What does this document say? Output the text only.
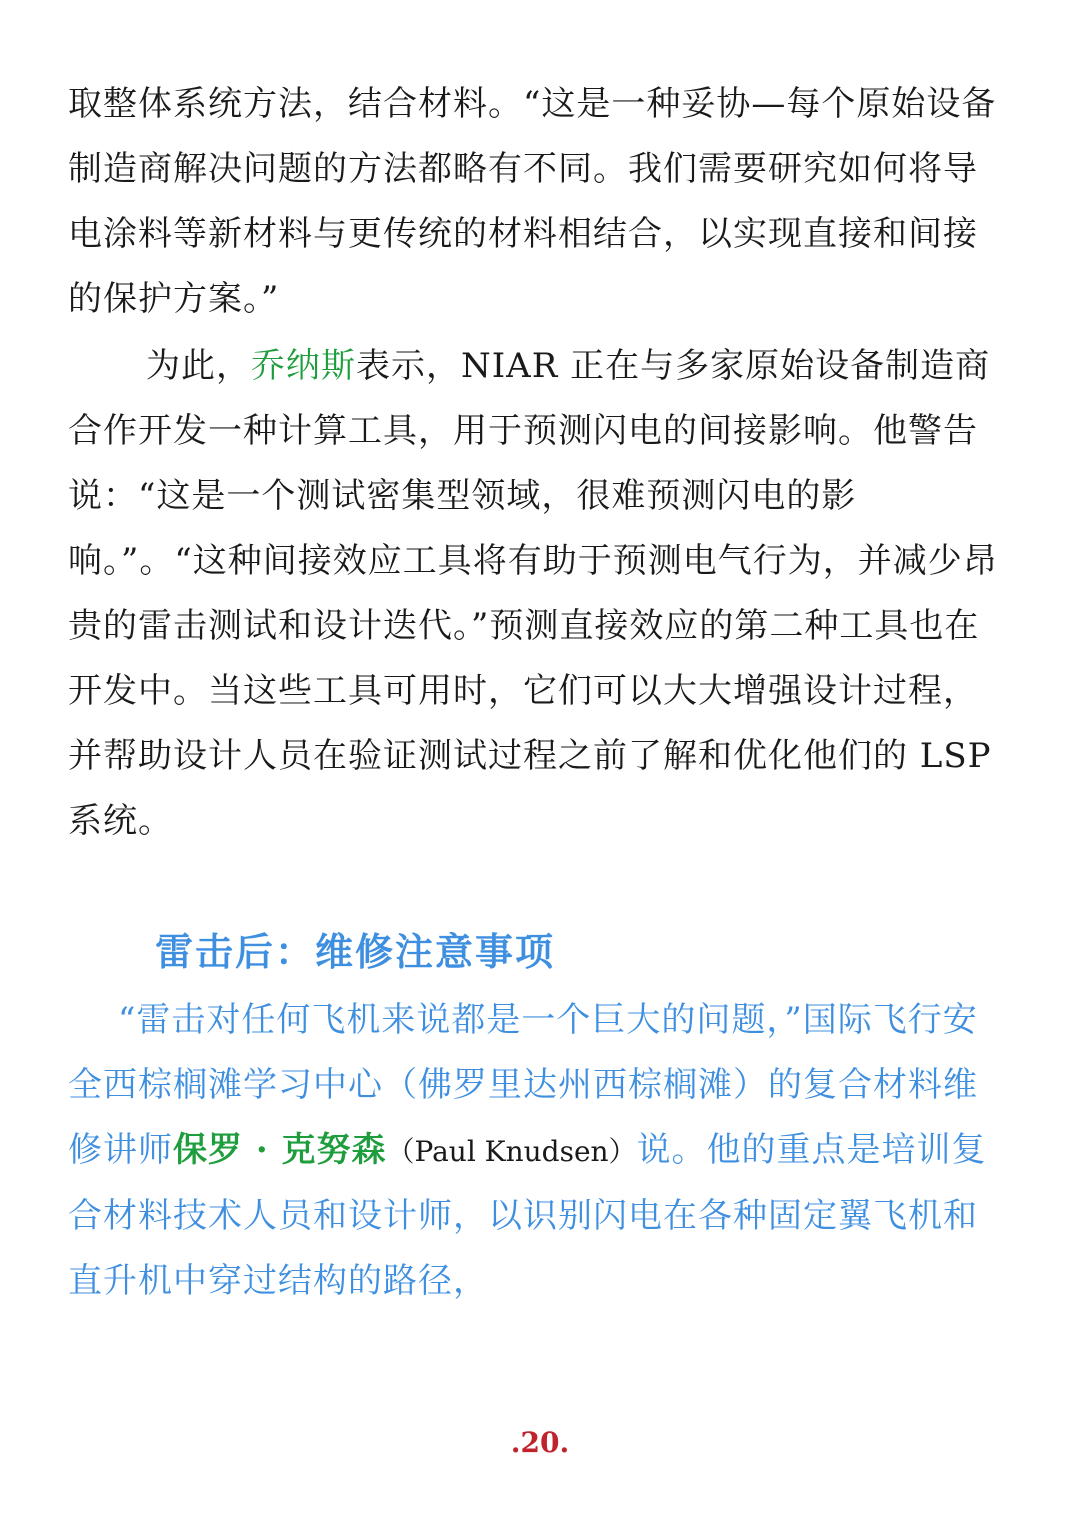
取整体系统方法，结合材料。“这是一种妥协—每个原始设备制造商解决问题的方法都略有不同。我们需要研究如何将导电涂料等新材料与更传统的材料相结合，以实现直接和间接的保护方案。”

为此，乔纳斯表示，NIAR 正在与多家原始设备制造商合作开发一种计算工具，用于预测闪电的间接影响。他警告说：“这是一个测试密集型领域，很难预测闪电的影响。”。“这种间接效应工具将有助于预测电气行为，并减少昂贵的雷击测试和设计迭代。”预测直接效应的第二种工具也在开发中。当这些工具可用时，它们可以大大增强设计过程，并帮助设计人员在验证测试过程之前了解和优化他们的 LSP 系统。

雷击后：维修注意事项

“雷击对任何飞机来说都是一个巨大的问题，”国际飞行安全西棕榈滩学习中心（佛罗里达州西棕榈滩）的复合材料维修讲师保罗 · 克努森（Paul Knudsen）说。他的重点是培训复合材料技术人员和设计师，以识别闪电在各种固定翼飞机和直升机中穿过结构的路径，

.20.
